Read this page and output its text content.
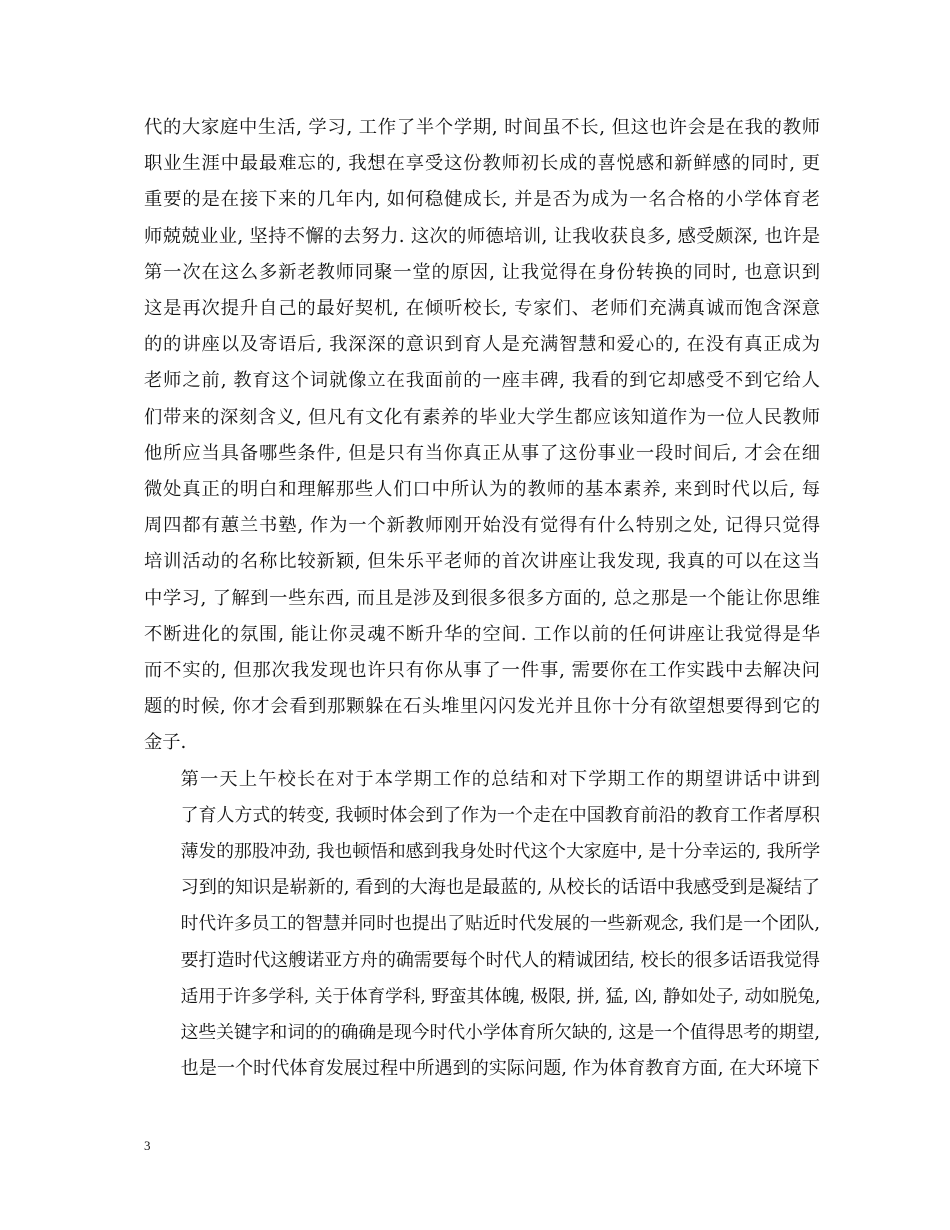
代的大家庭中生活, 学习, 工作了半个学期, 时间虽不长, 但这也许会是在我的教师
职业生涯中最最难忘的, 我想在享受这份教师初长成的喜悦感和新鲜感的同时, 更
重要的是在接下来的几年内, 如何稳健成长, 并是否为成为一名合格的小学体育老
师兢兢业业, 坚持不懈的去努力. 这次的师德培训, 让我收获良多, 感受颇深, 也许是
第一次在这么多新老教师同聚一堂的原因, 让我觉得在身份转换的同时, 也意识到
这是再次提升自己的最好契机, 在倾听校长, 专家们、老师们充满真诚而饱含深意
的的讲座以及寄语后, 我深深的意识到育人是充满智慧和爱心的, 在没有真正成为
老师之前, 教育这个词就像立在我面前的一座丰碑, 我看的到它却感受不到它给人
们带来的深刻含义, 但凡有文化有素养的毕业大学生都应该知道作为一位人民教师
他所应当具备哪些条件, 但是只有当你真正从事了这份事业一段时间后, 才会在细
微处真正的明白和理解那些人们口中所认为的教师的基本素养, 来到时代以后, 每
周四都有蕙兰书塾, 作为一个新教师刚开始没有觉得有什么特别之处, 记得只觉得
培训活动的名称比较新颖, 但朱乐平老师的首次讲座让我发现, 我真的可以在这当
中学习, 了解到一些东西, 而且是涉及到很多很多方面的, 总之那是一个能让你思维
不断进化的氛围, 能让你灵魂不断升华的空间. 工作以前的任何讲座让我觉得是华
而不实的, 但那次我发现也许只有你从事了一件事, 需要你在工作实践中去解决问
题的时候, 你才会看到那颗躲在石头堆里闪闪发光并且你十分有欲望想要得到它的
金子.
第一天上午校长在对于本学期工作的总结和对下学期工作的期望讲话中讲到
了育人方式的转变, 我顿时体会到了作为一个走在中国教育前沿的教育工作者厚积
薄发的那股冲劲, 我也顿悟和感到我身处时代这个大家庭中, 是十分幸运的, 我所学
习到的知识是崭新的, 看到的大海也是最蓝的, 从校长的话语中我感受到是凝结了
时代许多员工的智慧并同时也提出了贴近时代发展的一些新观念, 我们是一个团队,
要打造时代这艘诺亚方舟的确需要每个时代人的精诚团结, 校长的很多话语我觉得
适用于许多学科, 关于体育学科, 野蛮其体魄, 极限, 拼, 猛, 凶, 静如处子, 动如脱兔,
这些关键字和词的的确确是现今时代小学体育所欠缺的, 这是一个值得思考的期望,
也是一个时代体育发展过程中所遇到的实际问题, 作为体育教育方面, 在大环境下
3
